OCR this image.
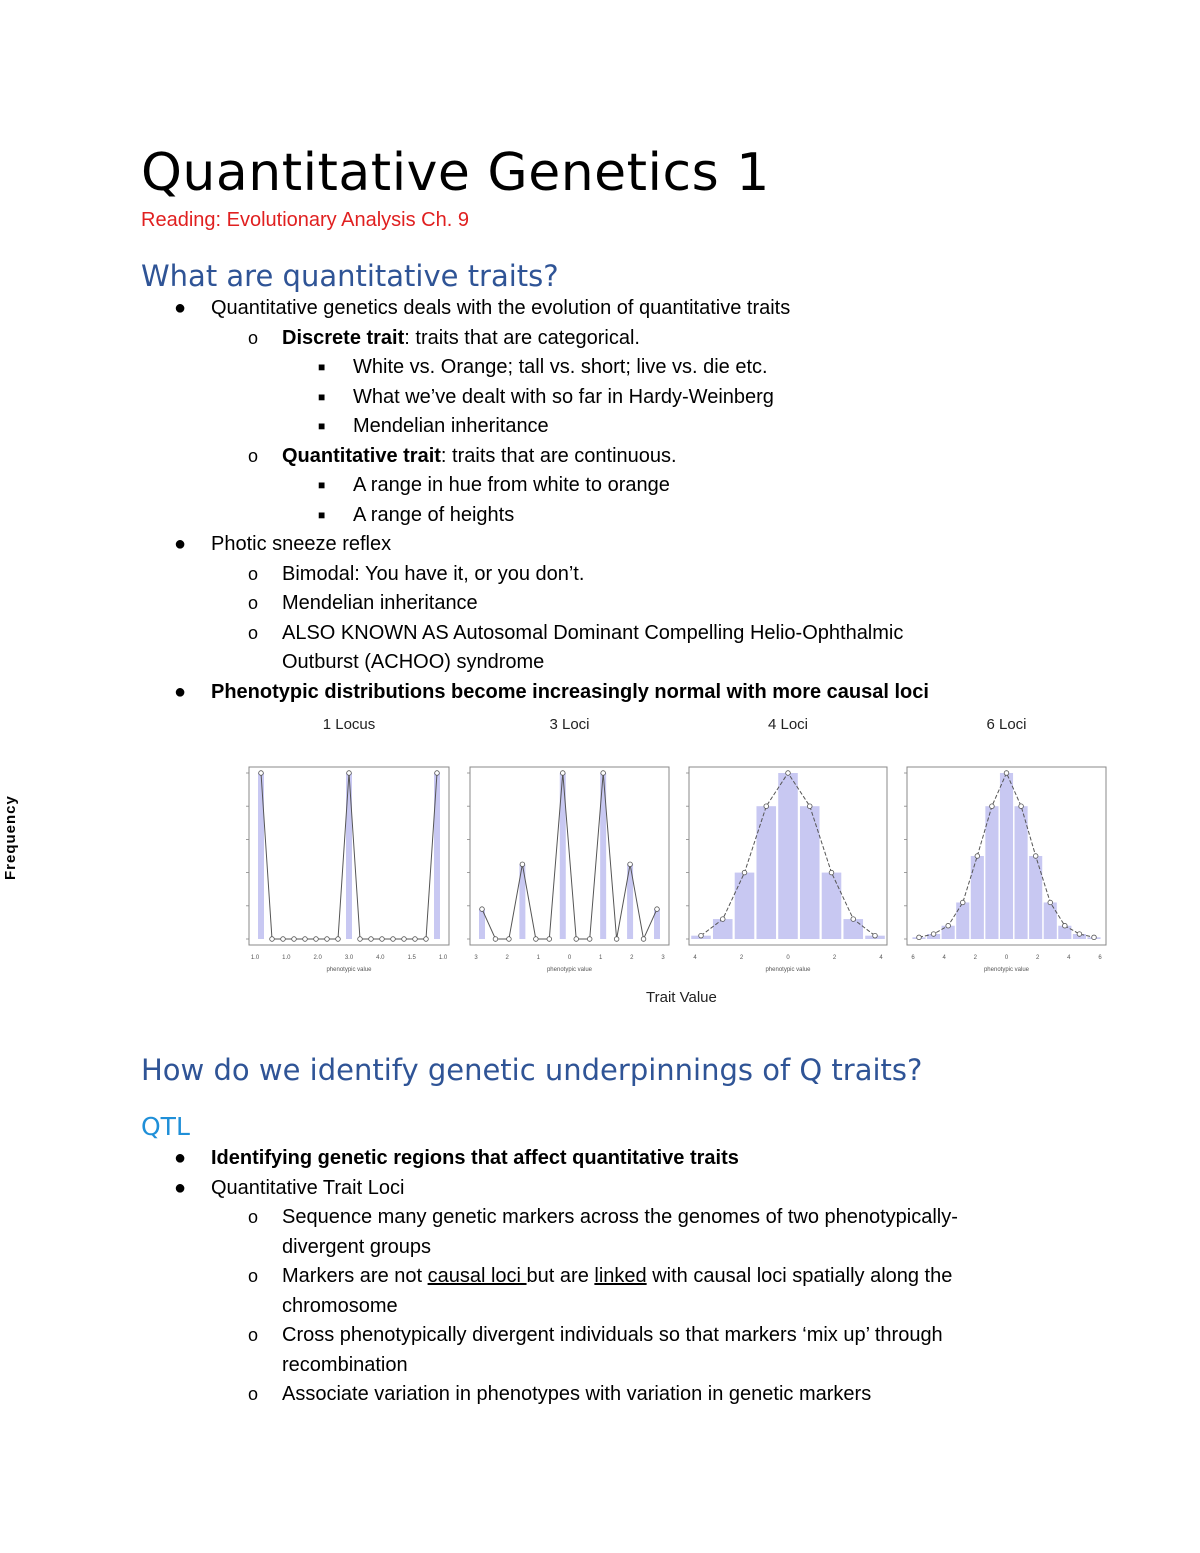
Quantitative Genetics 1
Reading: Evolutionary Analysis Ch. 9
What are quantitative traits?
● Quantitative genetics deals with the evolution of quantitative traits
o Discrete trait: traits that are categorical.
■ White vs. Orange; tall vs. short; live vs. die etc.
■ What we’ve dealt with so far in Hardy-Weinberg
■ Mendelian inheritance
o Quantitative trait: traits that are continuous.
■ A range in hue from white to orange
■ A range of heights
● Photic sneeze reflex
o Bimodal: You have it, or you don’t.
o Mendelian inheritance
o ALSO KNOWN AS Autosomal Dominant Compelling Helio-Ophthalmic
Outburst (ACHOO) syndrome
● Phenotypic distributions become increasingly normal with more causal loci
Frequency
Trait Value
1 Locus	3 Loci	4 Loci	6 Loci
1.0	1.0	2.0	3.0	4.0	1.5	1.0
phenotypic value
3	2	1	0	1	2	3
phenotypic value
4	2	0	2	4
phenotypic value
6	4	2	0	2	4	6
phenotypic value
How do we identify genetic underpinnings of Q traits?
QTL
● Identifying genetic regions that affect quantitative traits
● Quantitative Trait Loci
o Sequence many genetic markers across the genomes of two phenotypically-
divergent groups
o Markers are not causal loci but are linked with causal loci spatially along the
chromosome
o Cross phenotypically divergent individuals so that markers ‘mix up’ through
recombination
o Associate variation in phenotypes with variation in genetic markers
